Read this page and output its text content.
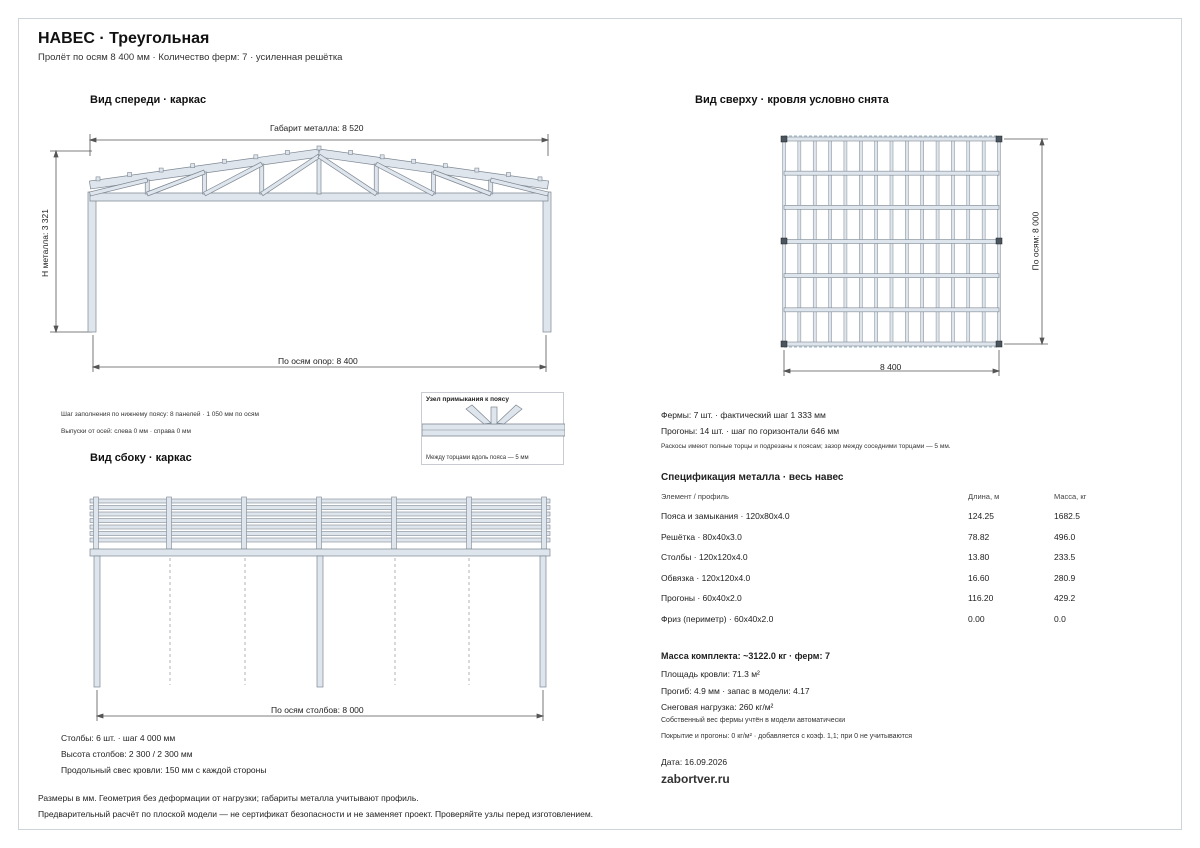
НАВЕС · Треугольная
Пролёт по осям 8 400 мм · Количество ферм: 7 · усиленная решётка
Вид спереди · каркас
Габарит металла: 8 520
Н металла: 3 321
По осям опор: 8 400
Шаг заполнения по нижнему поясу: 8 панелей · 1 050 мм по осям
Выпуски от осей: слева 0 мм · справа 0 мм
Узел примыкания к поясу
Между торцами вдоль пояса — 5 мм
Вид сверху · кровля условно снята
8 400
По осям: 8 000
Фермы: 7 шт. · фактический шаг 1 333 мм
Прогоны: 14 шт. · шаг по горизонтали 646 мм
Раскосы имеют полные торцы и подрезаны к поясам; зазор между соседними торцами — 5 мм.
Вид сбоку · каркас
По осям столбов: 8 000
Столбы: 6 шт. · шаг 4 000 мм
Высота столбов: 2 300 / 2 300 мм
Продольный свес кровли: 150 мм с каждой стороны
Спецификация металла · весь навес
Элемент / профиль	Длина, м	Масса, кг
Пояса и замыкания · 120х80х4.0	124.25	1682.5
Решётка · 80х40х3.0	78.82	496.0
Столбы · 120х120х4.0	13.80	233.5
Обвязка · 120х120х4.0	16.60	280.9
Прогоны · 60х40х2.0	116.20	429.2
Фриз (периметр) · 60х40х2.0	0.00	0.0
Масса комплекта: ~3122.0 кг · ферм: 7
Площадь кровли: 71.3 м²
Прогиб: 4.9 мм · запас в модели: 4.17
Снеговая нагрузка: 260 кг/м²
Собственный вес фермы учтён в модели автоматически
Покрытие и прогоны: 0 кг/м² · добавляется с коэф. 1,1; при 0 не учитываются
Дата: 16.09.2026
zabortver.ru
Размеры в мм. Геометрия без деформации от нагрузки; габариты металла учитывают профиль.
Предварительный расчёт по плоской модели — не сертификат безопасности и не заменяет проект. Проверяйте узлы перед изготовлением.
